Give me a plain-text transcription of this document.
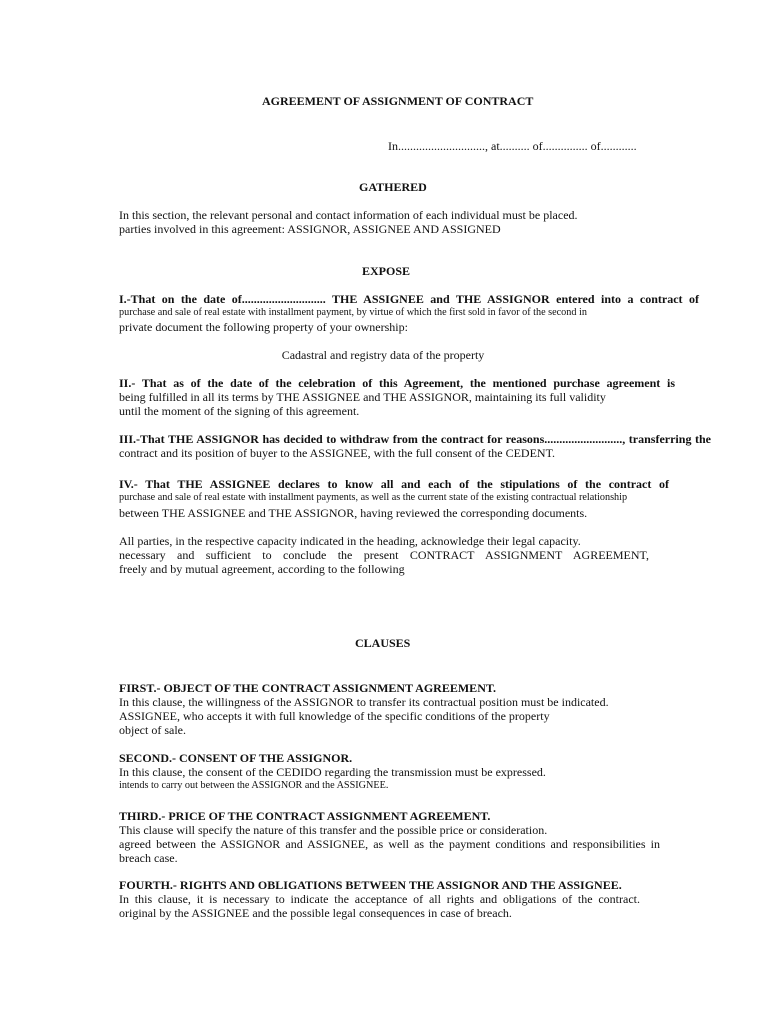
AGREEMENT OF ASSIGNMENT OF CONTRACT
In............................., at.......... of............... of............
GATHERED
In this section, the relevant personal and contact information of each individual must be placed.
parties involved in this agreement: ASSIGNOR, ASSIGNEE AND ASSIGNED
EXPOSE
I.-That on the date of............................ THE ASSIGNEE and THE ASSIGNOR entered into a contract of
purchase and sale of real estate with installment payment, by virtue of which the first sold in favor of the second in
private document the following property of your ownership:
Cadastral and registry data of the property
II.- That as of the date of the celebration of this Agreement, the mentioned purchase agreement is
being fulfilled in all its terms by THE ASSIGNEE and THE ASSIGNOR, maintaining its full validity
until the moment of the signing of this agreement.
III.-That THE ASSIGNOR has decided to withdraw from the contract for reasons.........................., transferring the
contract and its position of buyer to the ASSIGNEE, with the full consent of the CEDENT.
IV.- That THE ASSIGNEE declares to know all and each of the stipulations of the contract of
purchase and sale of real estate with installment payments, as well as the current state of the existing contractual relationship
between THE ASSIGNEE and THE ASSIGNOR, having reviewed the corresponding documents.
All parties, in the respective capacity indicated in the heading, acknowledge their legal capacity.
necessary and sufficient to conclude the present CONTRACT ASSIGNMENT AGREEMENT,
freely and by mutual agreement, according to the following
CLAUSES
FIRST.- OBJECT OF THE CONTRACT ASSIGNMENT AGREEMENT.
In this clause, the willingness of the ASSIGNOR to transfer its contractual position must be indicated.
ASSIGNEE, who accepts it with full knowledge of the specific conditions of the property
object of sale.
SECOND.- CONSENT OF THE ASSIGNOR.
In this clause, the consent of the CEDIDO regarding the transmission must be expressed.
intends to carry out between the ASSIGNOR and the ASSIGNEE.
THIRD.- PRICE OF THE CONTRACT ASSIGNMENT AGREEMENT.
This clause will specify the nature of this transfer and the possible price or consideration.
agreed between the ASSIGNOR and ASSIGNEE, as well as the payment conditions and responsibilities in
breach case.
FOURTH.- RIGHTS AND OBLIGATIONS BETWEEN THE ASSIGNOR AND THE ASSIGNEE.
In this clause, it is necessary to indicate the acceptance of all rights and obligations of the contract.
original by the ASSIGNEE and the possible legal consequences in case of breach.
